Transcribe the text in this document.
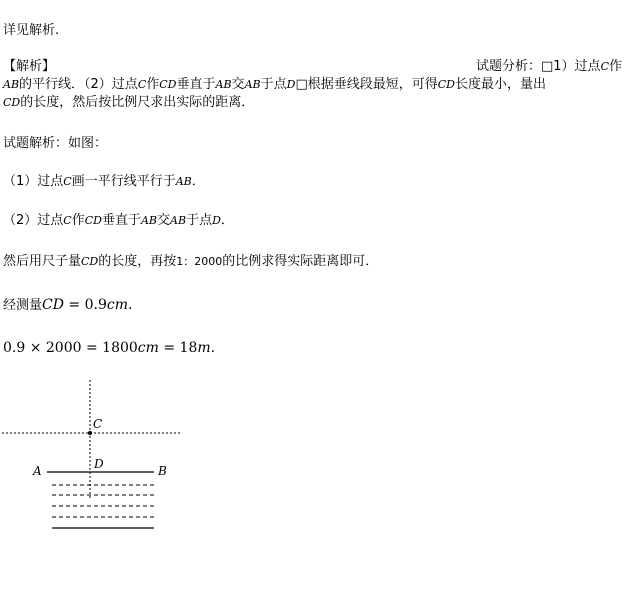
详见解析.
【解析】	试题分析：□1）过点C作
AB的平行线．（2）过点C作CD垂直于AB交AB于点D□根据垂线段最短，可得CD长度最小，量出
CD的长度，然后按比例尺求出实际的距离．
试题解析：如图：
（1）过点C画一平行线平行于AB．
（2）过点C作CD垂直于AB交AB于点D．
然后用尺子量CD的长度，再按1：2000的比例求得实际距离即可．
经测量CD = 0.9cm.
0.9 × 2000 = 1800cm = 18m.
C
A	B
D
